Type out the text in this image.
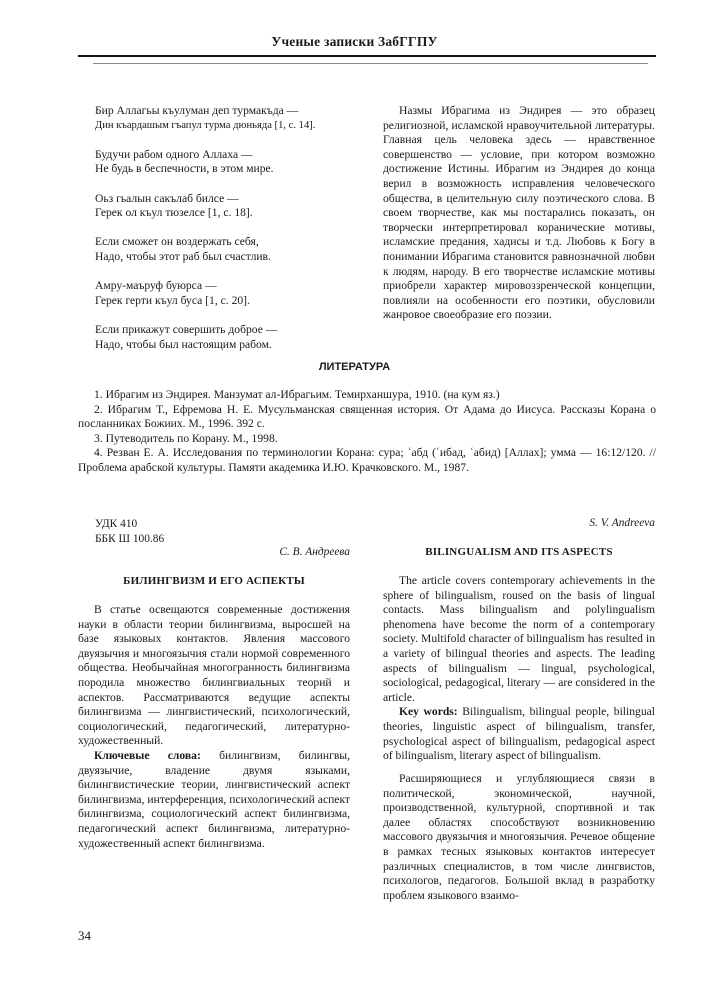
Ученые записки ЗабГГПУ
Бир Аллагьы къулуман деп турмакъда —
Дин къардашым гъапул турма дюньяда [1, с. 14].
Будучи рабом одного Аллаха —
Не будь в беспечности, в этом мире.
Оьз гьалын сакълаб билсе —
Герек ол къул тюзелсе [1, с. 18].
Если сможет он воздержать себя,
Надо, чтобы этот раб был счастлив.
Амру-маъруф буюрса —
Герек герти къул буса [1, с. 20].
Если прикажут совершить доброе —
Надо, чтобы был настоящим рабом.

Назмы Ибрагима из Эндирея — это образец религиозной, исламской нравоучительной литературы. Главная цель человека здесь — нравственное совершенство — условие, при котором возможно достижение Истины. Ибрагим из Эндирея до конца верил в возможность исправления человеческого общества, в целительную силу поэтического слова. В своем творчестве, как мы постарались показать, он творчески интерпретировал коранические мотивы, исламские предания, хадисы и т.д. Любовь к Богу в понимании Ибрагима становится равнозначной любви к людям, народу. В его творчестве исламские мотивы приобрели характер мировоззренческой концепции, повлияли на особенности его поэтики, обусловили жанровое своеобразие его поэзии.

ЛИТЕРАТУРА

1. Ибрагим из Эндирея. Манзумат ал-Ибрагьим. Темирханшура, 1910. (на кум яз.)

2. Ибрагим Т., Ефремова Н. Е. Мусульманская священная история. От Адама до Иисуса. Рассказы Корана о посланниках Божиих. М., 1996. 392 с.

3. Путеводитель по Корану. М., 1998.

4. Резван Е. А. Исследования по терминологии Корана: сура; ʿабд (ʿибад, ʿабид) [Аллах]; умма — 16:12/120. // Проблема арабской культуры. Памяти академика И.Ю. Крачковского. М., 1987.

УДК 410
ББК Ш 100.86
С. В. Андреева
БИЛИНГВИЗМ И ЕГО АСПЕКТЫ

В статье освещаются современные достижения науки в области теории билингвизма, выросшей на базе языковых контактов. Явления массового двуязычия и многоязычия стали нормой современного общества. Необычайная многогранность билингвизма породила множество билингвиальных теорий и аспектов. Рассматриваются ведущие аспекты билингвизма — лингвистический, психологический, социологический, педагогический, литературно-художественный.

Ключевые слова: билингвизм, билингвы, двуязычие, владение двумя языками, билингвистические теории, лингвистический аспект билингвизма, интерференция, психологический аспект билингвизма, социологический аспект билингвизма, педагогический аспект билингвизма, литературно-художественный аспект билингвизма.

S. V. Andreeva
BILINGUALISM AND ITS ASPECTS

The article covers contemporary achievements in the sphere of bilingualism, roused on the basis of lingual contacts. Mass bilingualism and polylingualism phenomena have become the norm of a contemporary society. Multifold character of bilingualism has resulted in a variety of bilingual theories and aspects. The leading aspects of bilingualism — lingual, psychological, sociological, pedagogical, literary — are considered in the article.

Key words: Bilingualism, bilingual people, bilingual theories, linguistic aspect of bilingualism, transfer, psychological aspect of bilingualism, pedagogical aspect of bilingualism, literary aspect of bilingualism.

Расширяющиеся и углубляющиеся связи в политической, экономической, научной, производственной, культурной, спортивной и так далее областях способствуют возникновению массового двуязычия и многоязычия. Речевое общение в рамках тесных языковых контактов интересует различных специалистов, в том числе лингвистов, психологов, педагогов. Большой вклад в разработку проблем языкового взаимо-

34
